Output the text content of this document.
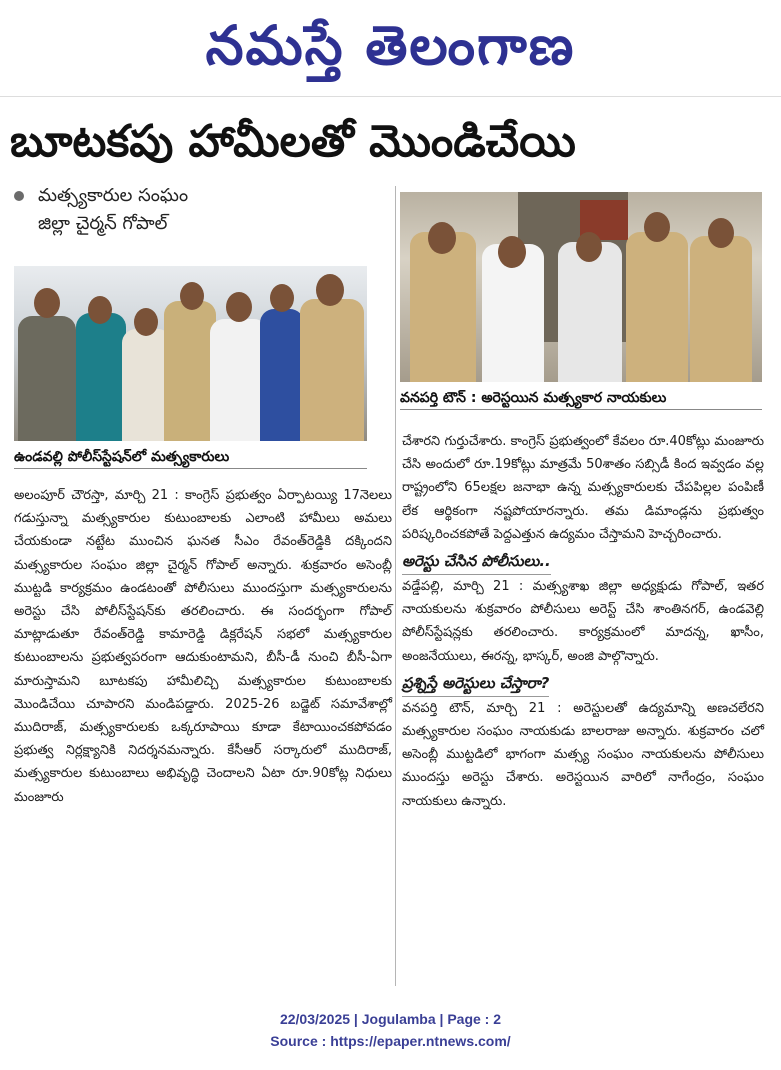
నమస్తే తెలంగాణ
బూటకపు హామీలతో మొండిచేయి
మత్స్యకారుల సంఘం
జిల్లా చైర్మన్ గోపాల్
ఉండవల్లి పోలీస్‌స్టేషన్‌లో మత్స్యకారులు
వనపర్తి టౌన్ : అరెస్టయిన మత్స్యకార నాయకులు
అలంపూర్ చౌరస్తా, మార్చి 21 : కాంగ్రెస్ ప్రభుత్వం ఏర్పాటయ్యి 17నెలలు గడుస్తున్నా మత్స్యకారుల కుటుంబాలకు ఎలాంటి హామీలు అమలు చేయకుండా నట్టేట ముంచిన ఘనత సీఎం రేవంత్‌రెడ్డికి దక్కిందని మత్స్యకారుల సంఘం జిల్లా చైర్మన్ గోపాల్ అన్నారు. శుక్రవారం అసెంబ్లీ ముట్టడి కార్యక్రమం ఉండటంతో పోలీసులు ముందస్తుగా మత్స్యకారులను అరెస్టు చేసి పోలీస్‌స్టేషన్‌కు తరలించారు. ఈ సందర్భంగా గోపాల్ మాట్లాడుతూ రేవంత్‌రెడ్డి కామారెడ్డి డిక్లరేషన్ సభలో మత్స్యకారుల కుటుంబాలను ప్రభుత్వపరంగా ఆదుకుంటామని, బీసీ-డీ నుంచి బీసీ-ఏగా మారుస్తామని బూటకపు హామీలిచ్చి మత్స్యకారుల కుటుంబాలకు మొండిచేయి చూపారని మండిపడ్డారు. 2025-26 బడ్జెట్ సమావేశాల్లో ముదిరాజ్, మత్స్యకారులకు ఒక్కరూపాయి కూడా కేటాయించకపోవడం ప్రభుత్వ నిర్లక్ష్యానికి నిదర్శనమన్నారు. కేసీఆర్ సర్కారులో ముదిరాజ్, మత్స్యకారుల కుటుంబాలు అభివృద్ధి చెందాలని ఏటా రూ.90కోట్ల నిధులు మంజూరు
చేశారని గుర్తుచేశారు. కాంగ్రెస్ ప్రభుత్వంలో కేవలం రూ.40కోట్లు మంజూరు చేసి అందులో రూ.19కోట్లు మాత్రమే 50శాతం సబ్సిడీ కింద ఇవ్వడం వల్ల రాష్ట్రంలోని 65లక్షల జనాభా ఉన్న మత్స్యకారులకు చేపపిల్లల పంపిణీ లేక ఆర్థికంగా నష్టపోయారన్నారు. తమ డిమాండ్లను ప్రభుత్వం పరిష్కరించకపోతే పెద్దఎత్తున ఉద్యమం చేస్తామని హెచ్చరించారు.
అరెస్టు చేసిన పోలీసులు..
వడ్డేపల్లి, మార్చి 21 : మత్స్యశాఖ జిల్లా అధ్యక్షుడు గోపాల్, ఇతర నాయకులను శుక్రవారం పోలీసులు అరెస్ట్ చేసి శాంతినగర్, ఉండవెల్లి పోలీస్‌స్టేషన్లకు తరలించారు. కార్యక్రమంలో మాదన్న, ఖాసీం, అంజనేయులు, ఈరన్న, భాస్కర్, అంజి పాల్గొన్నారు.
ప్రశ్నిస్తే అరెస్టులు చేస్తారా?
వనపర్తి టౌన్, మార్చి 21 : అరెస్టులతో ఉద్యమాన్ని అణచలేరని మత్స్యకారుల సంఘం నాయకుడు బాలరాజు అన్నారు. శుక్రవారం చలో అసెంబ్లీ ముట్టడిలో భాగంగా మత్స్య సంఘం నాయకులను పోలీసులు ముందస్తు అరెస్టు చేశారు. అరెస్టయిన వారిలో నాగేంద్రం, సంఘం నాయకులు ఉన్నారు.
22/03/2025 | Jogulamba | Page : 2
Source : https://epaper.ntnews.com/
